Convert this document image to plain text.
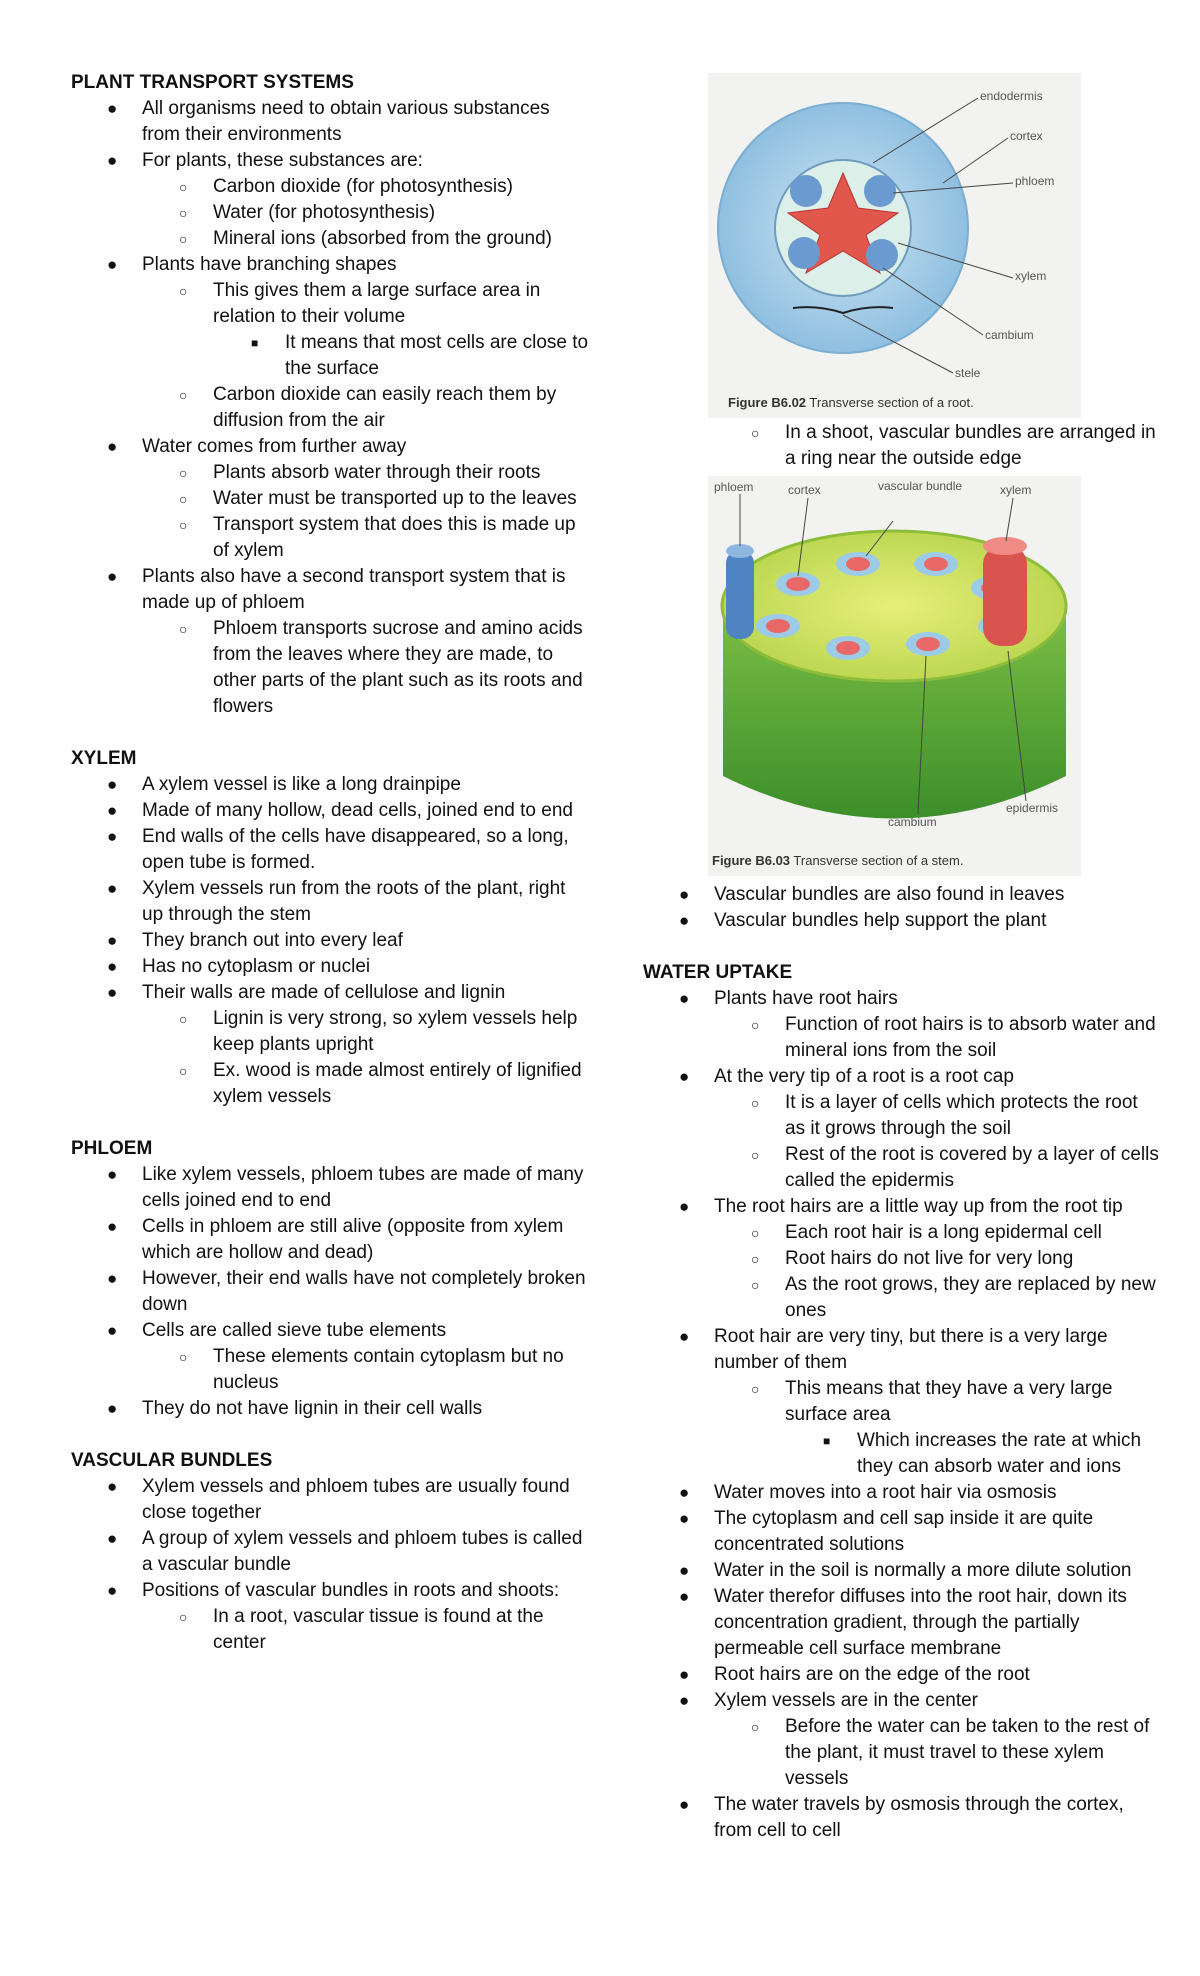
PLANT TRANSPORT SYSTEMS
● All organisms need to obtain various substances from their environments
● For plants, these substances are:
○ Carbon dioxide (for photosynthesis)
○ Water (for photosynthesis)
○ Mineral ions (absorbed from the ground)
● Plants have branching shapes
○ This gives them a large surface area in relation to their volume
■ It means that most cells are close to the surface
○ Carbon dioxide can easily reach them by diffusion from the air
● Water comes from further away
○ Plants absorb water through their roots
○ Water must be transported up to the leaves
○ Transport system that does this is made up of xylem
● Plants also have a second transport system that is made up of phloem
○ Phloem transports sucrose and amino acids from the leaves where they are made, to other parts of the plant such as its roots and flowers
XYLEM
● A xylem vessel is like a long drainpipe
● Made of many hollow, dead cells, joined end to end
● End walls of the cells have disappeared, so a long, open tube is formed.
● Xylem vessels run from the roots of the plant, right up through the stem
● They branch out into every leaf
● Has no cytoplasm or nuclei
● Their walls are made of cellulose and lignin
○ Lignin is very strong, so xylem vessels help keep plants upright
○ Ex. wood is made almost entirely of lignified xylem vessels
PHLOEM
● Like xylem vessels, phloem tubes are made of many cells joined end to end
● Cells in phloem are still alive (opposite from xylem which are hollow and dead)
● However, their end walls have not completely broken down
● Cells are called sieve tube elements
○ These elements contain cytoplasm but no nucleus
● They do not have lignin in their cell walls
VASCULAR BUNDLES
● Xylem vessels and phloem tubes are usually found close together
● A group of xylem vessels and phloem tubes is called a vascular bundle
● Positions of vascular bundles in roots and shoots:
○ In a root, vascular tissue is found at the center
endodermis
cortex
phloem
xylem
cambium
stele
Figure B6.02 Transverse section of a root.
○ In a shoot, vascular bundles are arranged in a ring near the outside edge
phloem	cortex	vascular bundle	xylem
epidermis
cambium
Figure B6.03 Transverse section of a stem.
● Vascular bundles are also found in leaves
● Vascular bundles help support the plant
WATER UPTAKE
● Plants have root hairs
○ Function of root hairs is to absorb water and mineral ions from the soil
● At the very tip of a root is a root cap
○ It is a layer of cells which protects the root as it grows through the soil
○ Rest of the root is covered by a layer of cells called the epidermis
● The root hairs are a little way up from the root tip
○ Each root hair is a long epidermal cell
○ Root hairs do not live for very long
○ As the root grows, they are replaced by new ones
● Root hair are very tiny, but there is a very large number of them
○ This means that they have a very large surface area
■ Which increases the rate at which they can absorb water and ions
● Water moves into a root hair via osmosis
● The cytoplasm and cell sap inside it are quite concentrated solutions
● Water in the soil is normally a more dilute solution
● Water therefor diffuses into the root hair, down its concentration gradient, through the partially permeable cell surface membrane
● Root hairs are on the edge of the root
● Xylem vessels are in the center
○ Before the water can be taken to the rest of the plant, it must travel to these xylem vessels
● The water travels by osmosis through the cortex, from cell to cell
